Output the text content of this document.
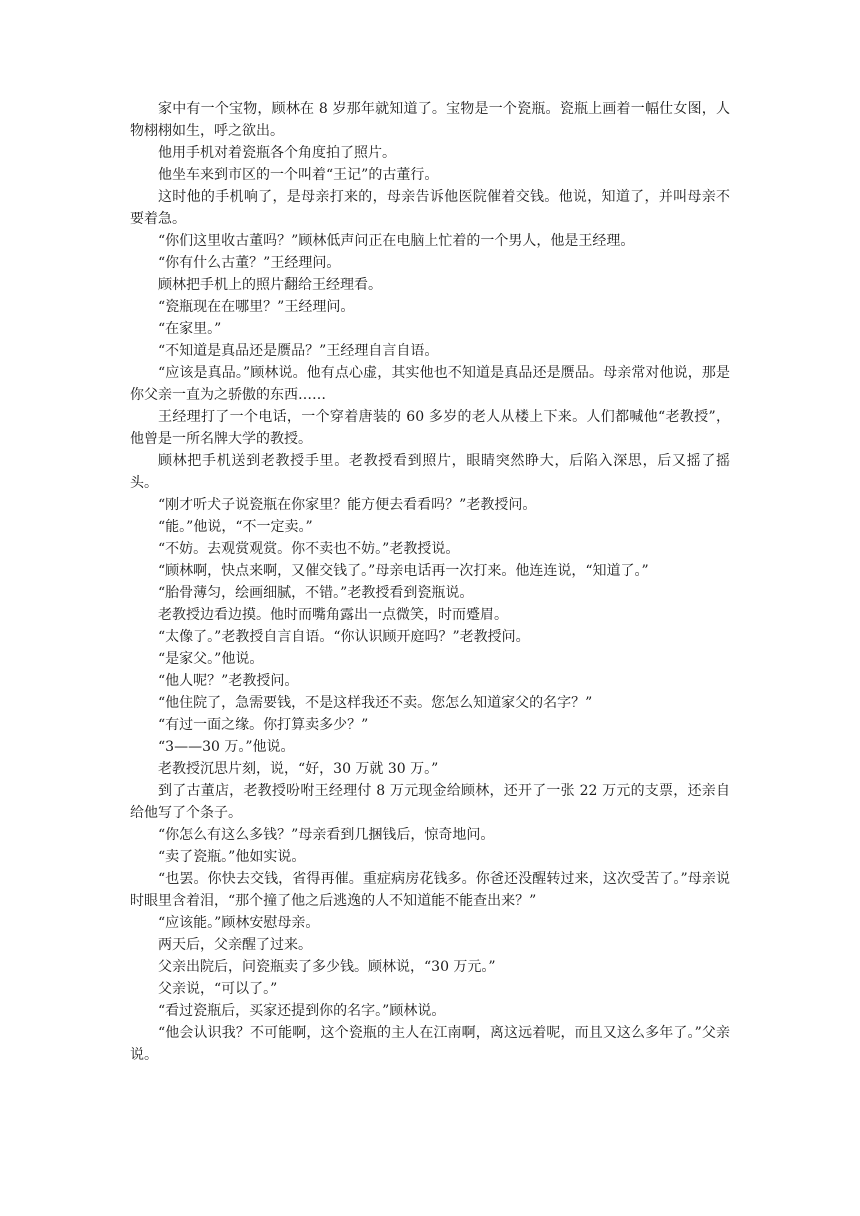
家中有一个宝物，顾林在 8 岁那年就知道了。宝物是一个瓷瓶。瓷瓶上画着一幅仕女图，人物栩栩如生，呼之欲出。

他用手机对着瓷瓶各个角度拍了照片。

他坐车来到市区的一个叫着“王记”的古董行。

这时他的手机响了，是母亲打来的，母亲告诉他医院催着交钱。他说，知道了，并叫母亲不要着急。

“你们这里收古董吗？”顾林低声问正在电脑上忙着的一个男人，他是王经理。

“你有什么古董？”王经理问。

顾林把手机上的照片翻给王经理看。

“瓷瓶现在在哪里？”王经理问。

“在家里。”

“不知道是真品还是赝品？”王经理自言自语。

“应该是真品。”顾林说。他有点心虚，其实他也不知道是真品还是赝品。母亲常对他说，那是你父亲一直为之骄傲的东西……

王经理打了一个电话，一个穿着唐装的 60 多岁的老人从楼上下来。人们都喊他“老教授”，他曾是一所名牌大学的教授。

顾林把手机送到老教授手里。老教授看到照片，眼睛突然睁大，后陷入深思，后又摇了摇头。

“刚才听犬子说瓷瓶在你家里？能方便去看看吗？”老教授问。

“能。”他说，“不一定卖。”

“不妨。去观赏观赏。你不卖也不妨。”老教授说。

“顾林啊，快点来啊，又催交钱了。”母亲电话再一次打来。他连连说，“知道了。”

“胎骨薄匀，绘画细腻，不错。”老教授看到瓷瓶说。

老教授边看边摸。他时而嘴角露出一点微笑，时而蹙眉。

“太像了。”老教授自言自语。“你认识顾开庭吗？”老教授问。

“是家父。”他说。

“他人呢？”老教授问。

“他住院了，急需要钱，不是这样我还不卖。您怎么知道家父的名字？”

“有过一面之缘。你打算卖多少？”

“3——30 万。”他说。

老教授沉思片刻，说，“好，30 万就 30 万。”

到了古董店，老教授吩咐王经理付 8 万元现金给顾林，还开了一张 22 万元的支票，还亲自给他写了个条子。

“你怎么有这么多钱？”母亲看到几捆钱后，惊奇地问。

“卖了瓷瓶。”他如实说。

“也罢。你快去交钱，省得再催。重症病房花钱多。你爸还没醒转过来，这次受苦了。”母亲说时眼里含着泪，“那个撞了他之后逃逸的人不知道能不能查出来？”

“应该能。”顾林安慰母亲。

两天后，父亲醒了过来。

父亲出院后，问瓷瓶卖了多少钱。顾林说，“30 万元。”

父亲说，“可以了。”

“看过瓷瓶后，买家还提到你的名字。”顾林说。

“他会认识我？不可能啊，这个瓷瓶的主人在江南啊，离这远着呢，而且又这么多年了。”父亲说。
